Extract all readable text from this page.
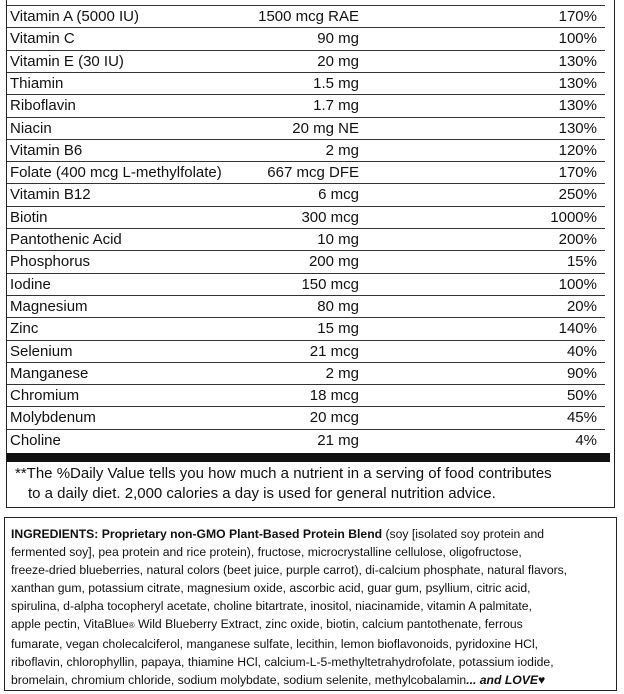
Vitamin A (5000 IU)	1500 mcg RAE	170%
Vitamin C	90 mg	100%
Vitamin E (30 IU)	20 mg	130%
Thiamin	1.5 mg	130%
Riboflavin	1.7 mg	130%
Niacin	20 mg NE	130%
Vitamin B6	2 mg	120%
Folate (400 mcg L-methylfolate)	667 mcg DFE	170%
Vitamin B12	6 mcg	250%
Biotin	300 mcg	1000%
Pantothenic Acid	10 mg	200%
Phosphorus	200 mg	15%
Iodine	150 mcg	100%
Magnesium	80 mg	20%
Zinc	15 mg	140%
Selenium	21 mcg	40%
Manganese	2 mg	90%
Chromium	18 mcg	50%
Molybdenum	20 mcg	45%
Choline	21 mg	4%
**The %Daily Value tells you how much a nutrient in a serving of food contributes
to a daily diet. 2,000 calories a day is used for general nutrition advice.
INGREDIENTS: Proprietary non-GMO Plant-Based Protein Blend (soy [isolated soy protein and
fermented soy], pea protein and rice protein), fructose, microcrystalline cellulose, oligofructose,
freeze-dried blueberries, natural colors (beet juice, purple carrot), di-calcium phosphate, natural flavors,
xanthan gum, potassium citrate, magnesium oxide, ascorbic acid, guar gum, psyllium, citric acid,
spirulina, d-alpha tocopheryl acetate, choline bitartrate, inositol, niacinamide, vitamin A palmitate,
apple pectin, VitaBlue® Wild Blueberry Extract, zinc oxide, biotin, calcium pantothenate, ferrous
fumarate, vegan cholecalciferol, manganese sulfate, lecithin, lemon bioflavonoids, pyridoxine HCl,
riboflavin, chlorophyllin, papaya, thiamine HCl, calcium-L-5-methyltetrahydrofolate, potassium iodide,
bromelain, chromium chloride, sodium molybdate, sodium selenite, methylcobalamin... and LOVE♥
